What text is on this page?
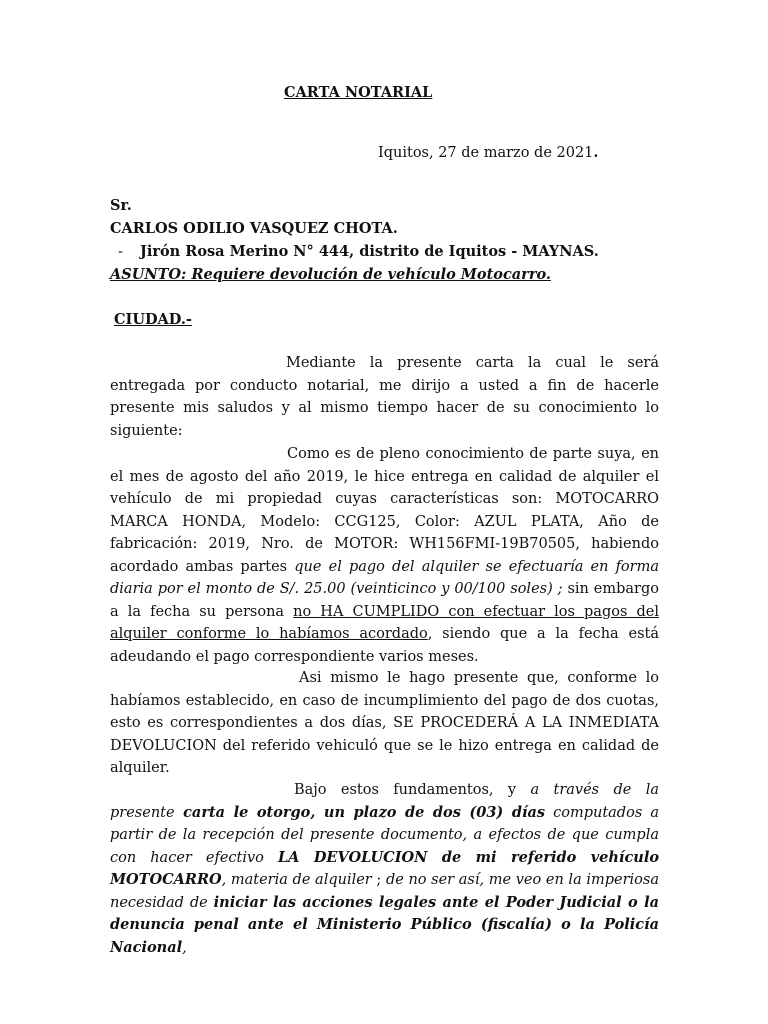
CARTA NOTARIAL
Iquitos, 27 de marzo de 2021.
Sr.
CARLOS ODILIO VASQUEZ CHOTA.
- Jirón Rosa Merino N° 444, distrito de Iquitos - MAYNAS.
ASUNTO: Requiere devolución de vehículo Motocarro.
CIUDAD.-

Mediante la presente carta la cual le será entregada por conducto notarial, me dirijo a usted a fin de hacerle presente mis saludos y al mismo tiempo hacer de su conocimiento lo siguiente:

Como es de pleno conocimiento de parte suya, en el mes de agosto del año 2019, le hice entrega en calidad de alquiler el vehículo de mi propiedad cuyas características son: MOTOCARRO MARCA HONDA, Modelo: CCG125, Color: AZUL PLATA, Año de fabricación: 2019, Nro. de MOTOR: WH156FMI-19B70505, habiendo acordado ambas partes que el pago del alquiler se efectuaría en forma diaria por el monto de S/. 25.00 (veinticinco y 00/100 soles) ; sin embargo a la fecha su persona no HA CUMPLIDO con efectuar los pagos del alquiler conforme lo habíamos acordado, siendo que a la fecha está adeudando el pago correspondiente varios meses.

Asi mismo le hago presente que, conforme lo habíamos establecido, en caso de incumplimiento del pago de dos cuotas, esto es correspondientes a dos días, SE PROCEDERÁ A LA INMEDIATA DEVOLUCION del referido vehiculó que se le hizo entrega en calidad de alquiler.

Bajo estos fundamentos, y a través de la presente carta le otorgo, un plazo de dos (03) días computados a partir de la recepción del presente documento, a efectos de que cumpla con hacer efectivo LA DEVOLUCION de mi referido vehículo MOTOCARRO, materia de alquiler ; de no ser así, me veo en la imperiosa necesidad de iniciar las acciones legales ante el Poder Judicial o la denuncia penal ante el Ministerio Público (fiscalía) o la Policía Nacional,
